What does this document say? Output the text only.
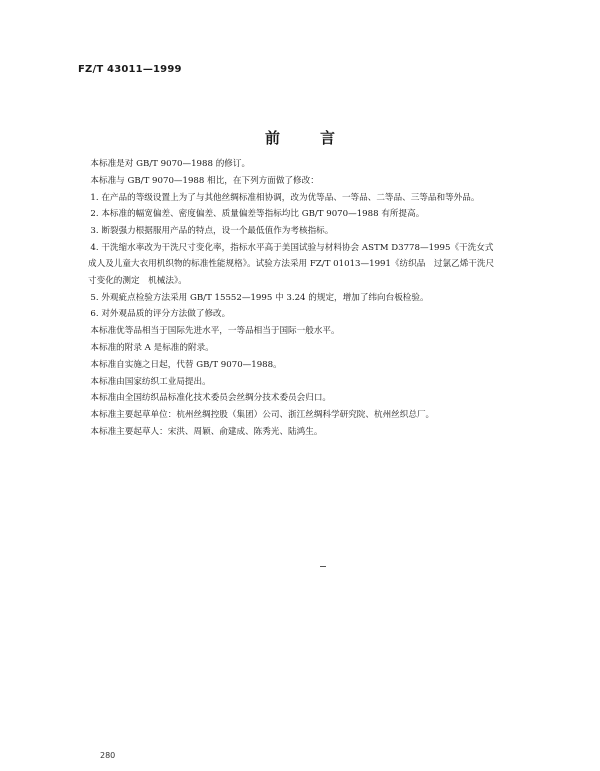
FZ/T 43011—1999
前言

本标准是对 GB/T 9070—1988 的修订。

本标准与 GB/T 9070—1988 相比，在下列方面做了修改：

1. 在产品的等级设置上为了与其他丝绸标准相协调，改为优等品、一等品、二等品、三等品和等外品。

2. 本标准的幅宽偏差、密度偏差、质量偏差等指标均比 GB/T 9070—1988 有所提高。

3. 断裂强力根据服用产品的特点，设一个最低值作为考核指标。

4. 干洗缩水率改为干洗尺寸变化率，指标水平高于美国试验与材料协会 ASTM D3778—1995《干洗女式成人及儿童大衣用机织物的标准性能规格》。试验方法采用 FZ/T 01013—1991《纺织品　过氯乙烯干洗尺寸变化的测定　机械法》。

5. 外观疵点检验方法采用 GB/T 15552—1995 中 3.24 的规定，增加了纬向台板检验。

6. 对外观品质的评分方法做了修改。

本标准优等品相当于国际先进水平，一等品相当于国际一般水平。

本标准的附录 A 是标准的附录。

本标准自实施之日起，代替 GB/T 9070—1988。

本标准由国家纺织工业局提出。

本标准由全国纺织品标准化技术委员会丝绸分技术委员会归口。

本标准主要起草单位：杭州丝绸控股（集团）公司、浙江丝绸科学研究院、杭州丝织总厂。

本标准主要起草人：宋洪、周颖、俞建成、陈秀光、陆鸿生。

280
